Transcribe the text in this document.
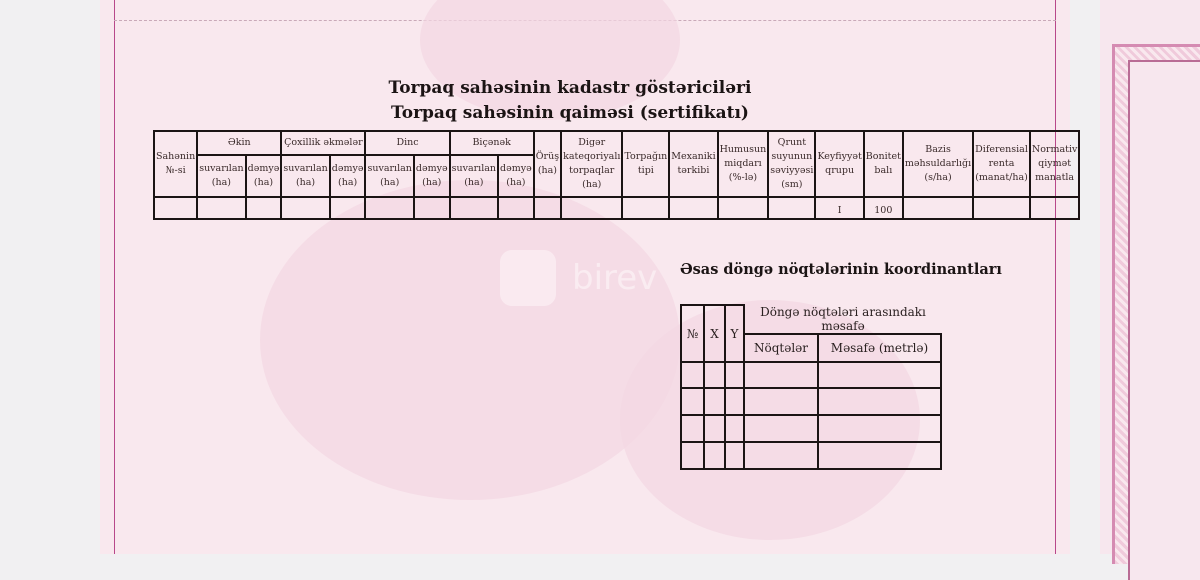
birev
Torpaq sahəsinin kadastr göstəriciləri
Torpaq sahəsinin qaiməsi (sertifikatı)
Sahənin №-si	Əkin		Çoxillik əkmələr		Dinc		Biçənək		Örüş (ha)	Digər kateqoriyalı torpaqlar (ha)	Torpağın tipi	Mexaniki tərkibi	Humusun miqdarı (%-lə)	Qrunt suyunun səviyyəsi (sm)	Keyfiyyət qrupu	Bonitet balı	Bazis məhsuldarlığı (s/ha)	Diferensial renta (manat/ha)	Normativ qiymət manatla
	suvarılan (ha)	dəmyə (ha)	suvarılan (ha)	dəmyə (ha)	suvarılan (ha)	dəmyə (ha)	suvarılan (ha)	dəmyə (ha)											
															I	100			
Əsas döngə nöqtələrinin koordinantları
№	X	Y	Döngə nöqtələri arasındakı məsafə	
			Nöqtələr	Məsafə (metrlə)
